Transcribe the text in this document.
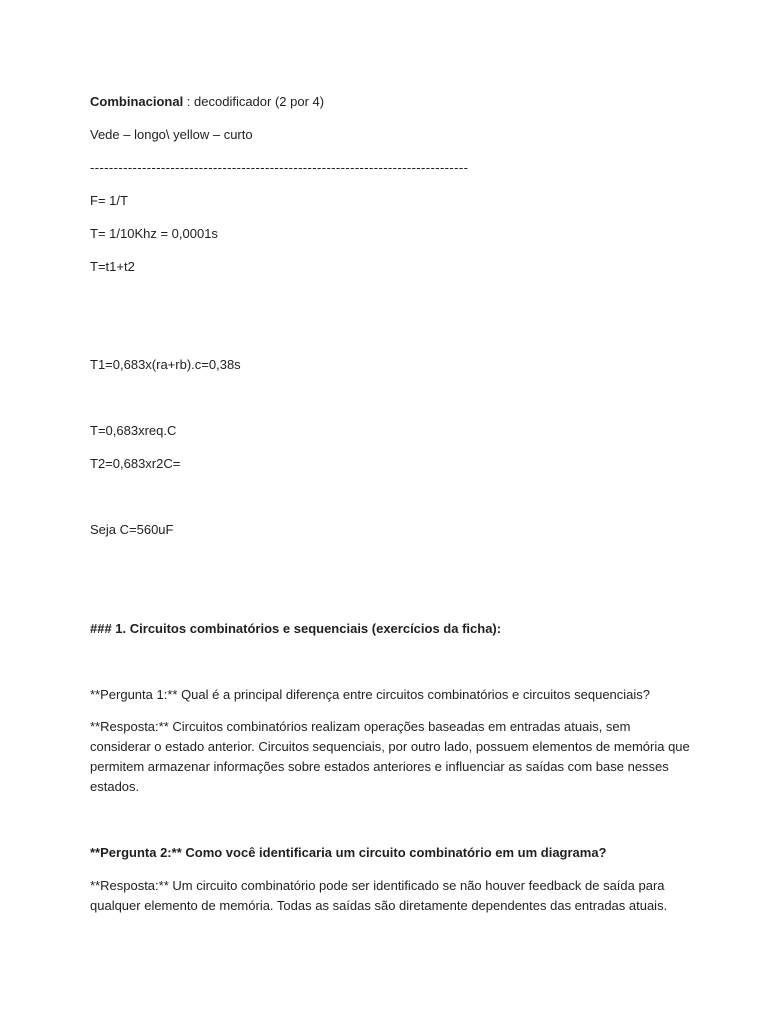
Combinacional : decodificador (2 por 4)
Vede – longo\ yellow – curto
--------------------------------------------------------------------------------
F= 1/T
T= 1/10Khz = 0,0001s
T=t1+t2
T1=0,683x(ra+rb).c=0,38s
T=0,683xreq.C
T2=0,683xr2C=
Seja C=560uF
### 1. Circuitos combinatórios e sequenciais (exercícios da ficha):
**Pergunta 1:** Qual é a principal diferença entre circuitos combinatórios e circuitos sequenciais?
**Resposta:** Circuitos combinatórios realizam operações baseadas em entradas atuais, sem considerar o estado anterior. Circuitos sequenciais, por outro lado, possuem elementos de memória que permitem armazenar informações sobre estados anteriores e influenciar as saídas com base nesses estados.
**Pergunta 2:** Como você identificaria um circuito combinatório em um diagrama?
**Resposta:** Um circuito combinatório pode ser identificado se não houver feedback de saída para qualquer elemento de memória. Todas as saídas são diretamente dependentes das entradas atuais.
